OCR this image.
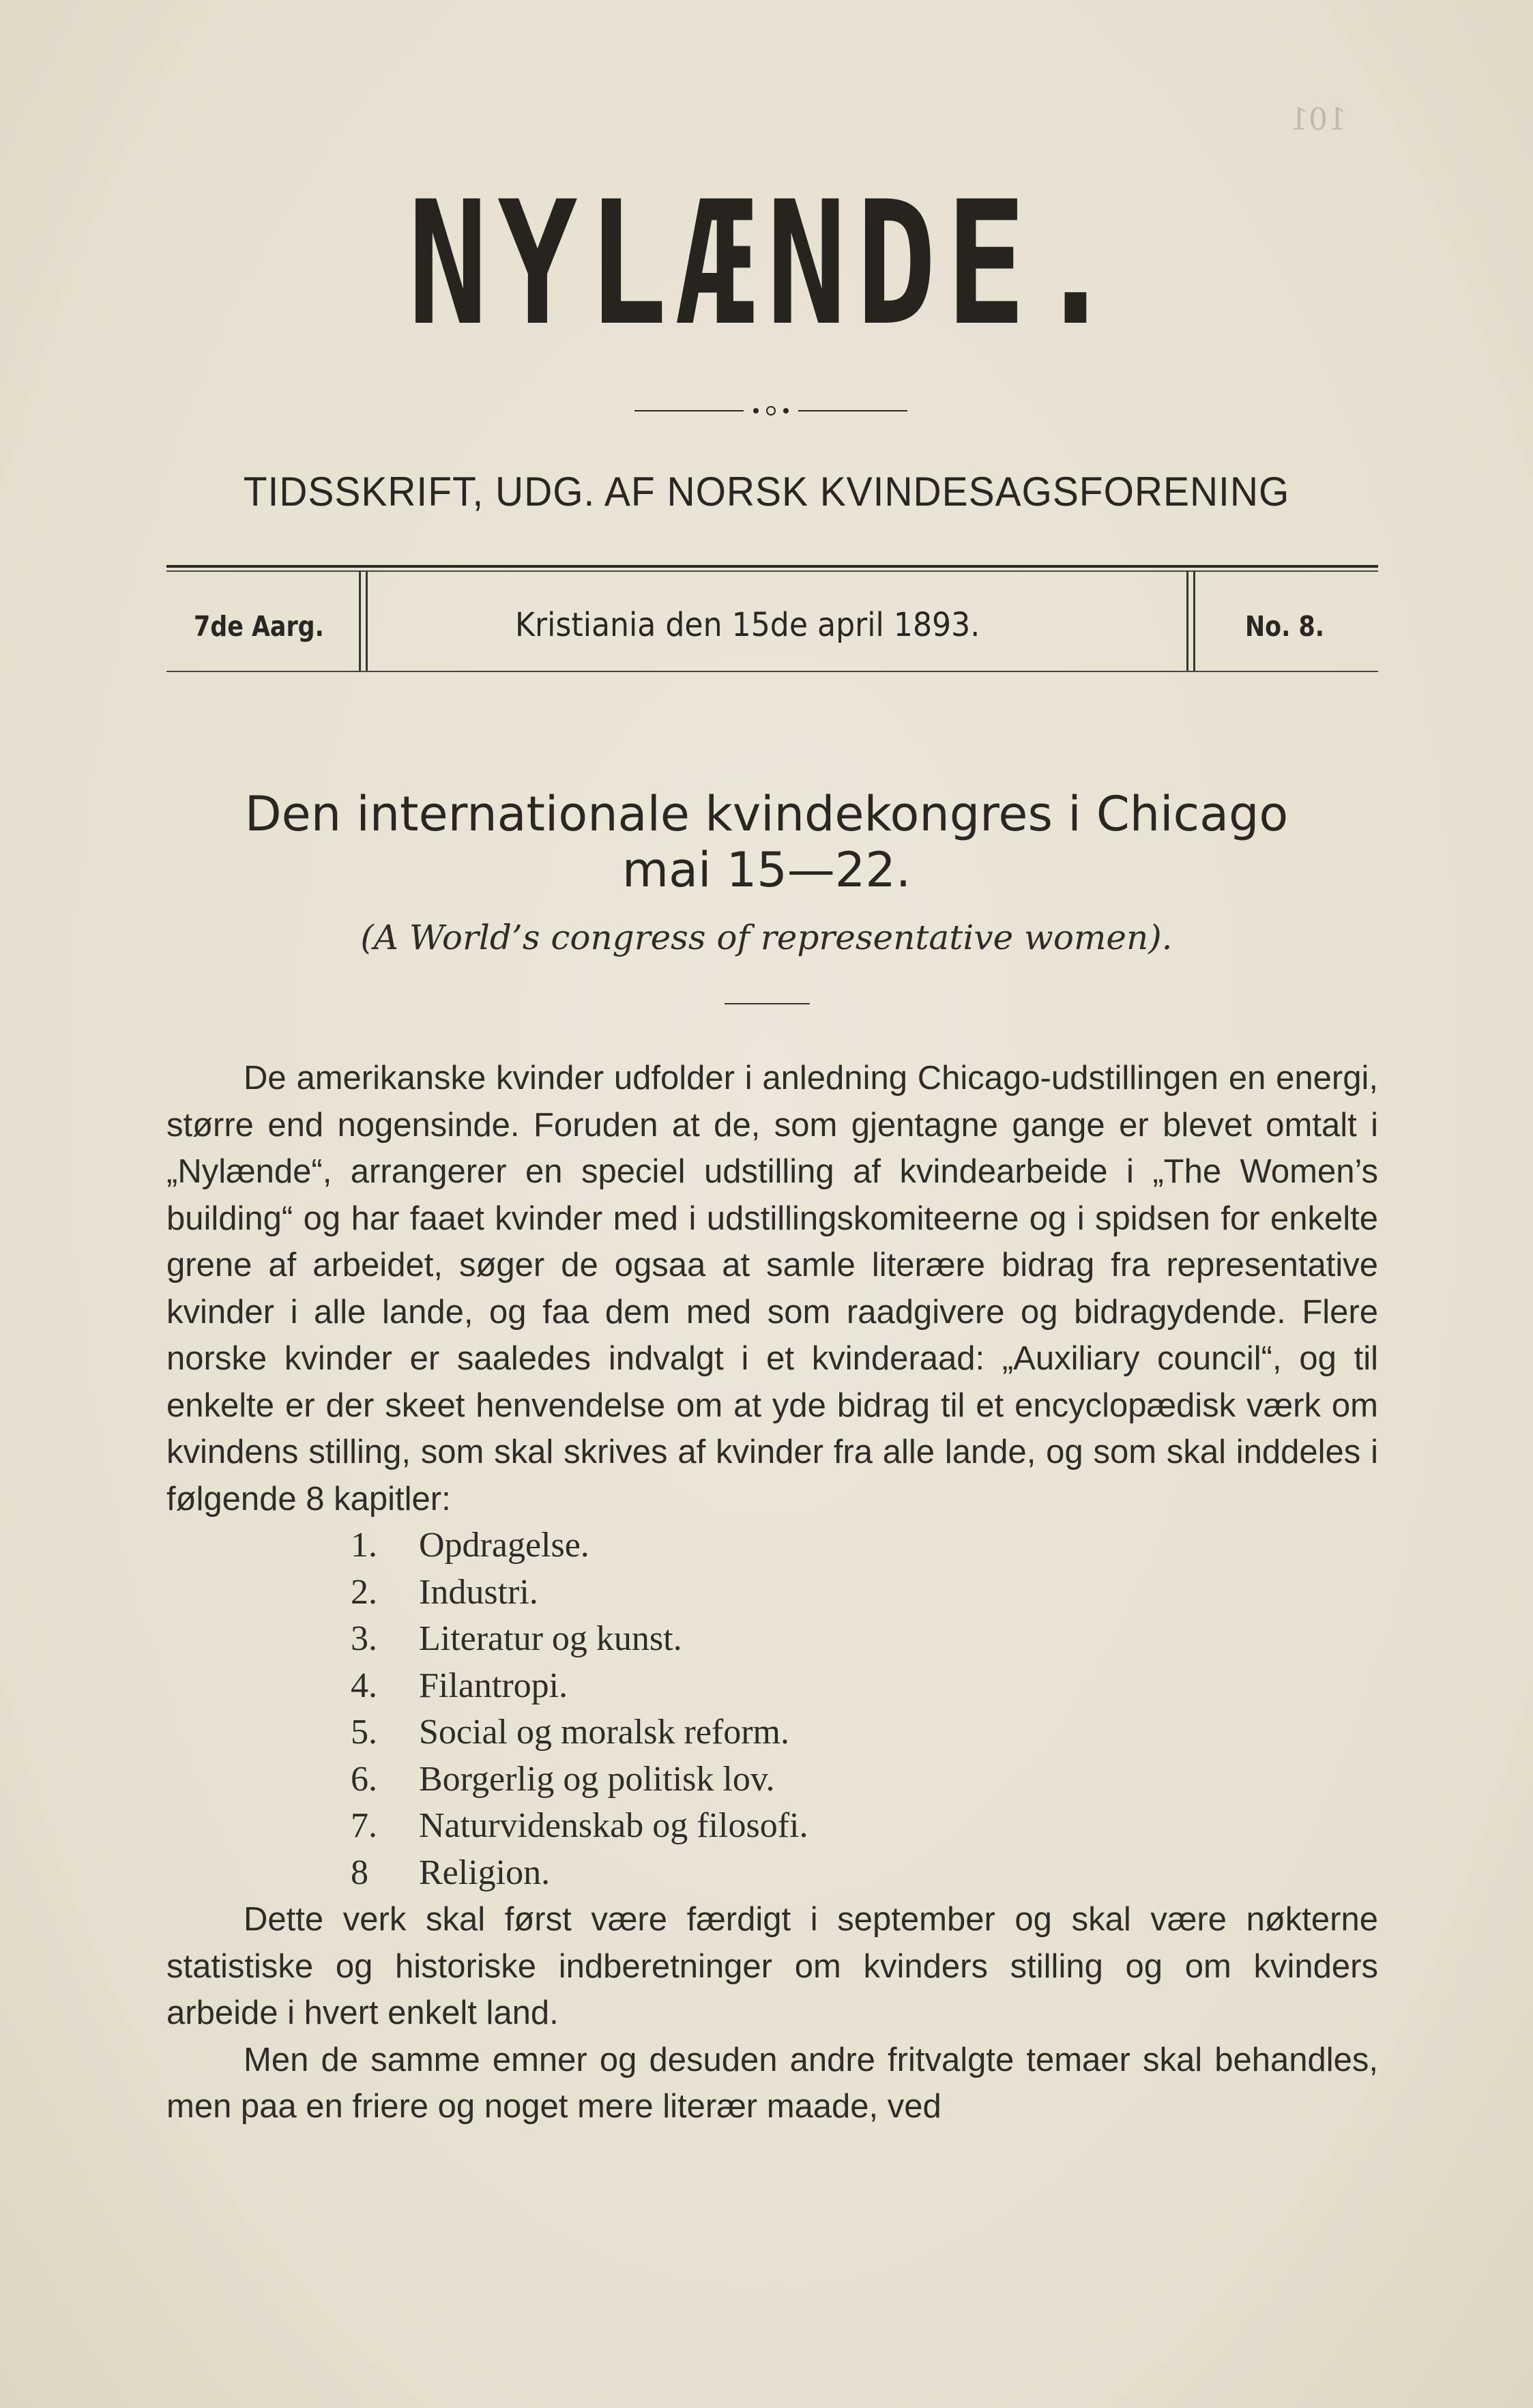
101
NYLÆNDE.
TIDSSKRIFT, UDG. AF NORSK KVINDESAGSFORENING
7de Aarg.	Kristiania den 15de april 1893.	No. 8.
Den internationale kvindekongres i Chicago
mai 15—22.
(A World’s congress of representative women).

De amerikanske kvinder udfolder i anledning Chicago-udstillingen en energi, større end nogensinde. Foruden at de, som gjentagne gange er blevet omtalt i „Nylænde“, arrangerer en speciel udstilling af kvindearbeide i „The Women’s building“ og har faaet kvinder med i udstillingskomiteerne og i spidsen for enkelte grene af arbeidet, søger de ogsaa at samle literære bidrag fra representative kvinder i alle lande, og faa dem med som raadgivere og bidragydende. Flere norske kvinder er saaledes indvalgt i et kvinderaad: „Auxiliary council“, og til enkelte er der skeet henvendelse om at yde bidrag til et encyclopædisk værk om kvindens stilling, som skal skrives af kvinder fra alle lande, og som skal inddeles i følgende 8 kapitler:

1.	Opdragelse.
2.	Industri.
3.	Literatur og kunst.
4.	Filantropi.
5.	Social og moralsk reform.
6.	Borgerlig og politisk lov.
7.	Naturvidenskab og filosofi.
8	Religion.

Dette verk skal først være færdigt i september og skal være nøkterne statistiske og historiske indberetninger om kvinders stilling og om kvinders arbeide i hvert enkelt land.

Men de samme emner og desuden andre fritvalgte temaer skal behandles, men paa en friere og noget mere literær maade, ved
